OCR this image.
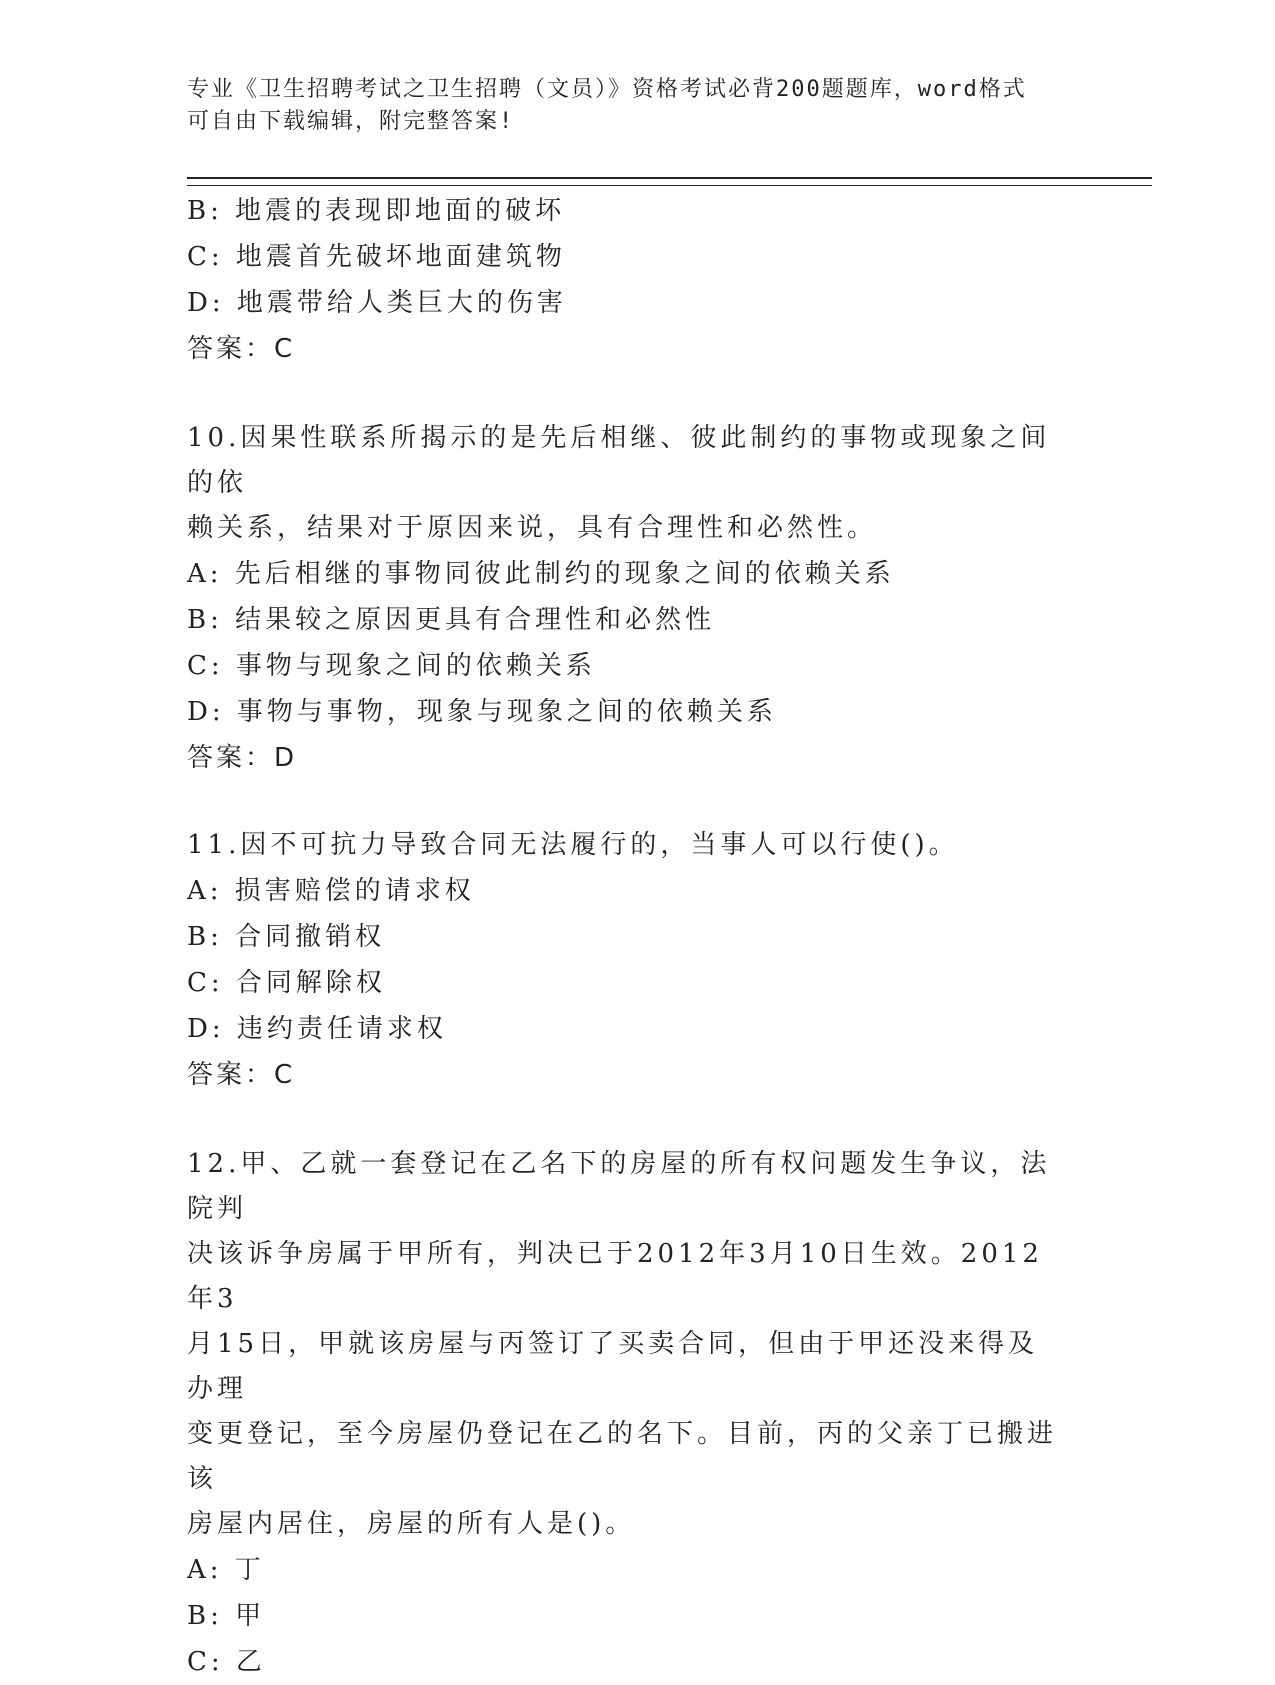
专业《卫生招聘考试之卫生招聘（文员）》资格考试必背200题题库，word格式
可自由下载编辑，附完整答案!
B: 地震的表现即地面的破坏
C: 地震首先破坏地面建筑物
D: 地震带给人类巨大的伤害
答案：C
10.因果性联系所揭示的是先后相继、彼此制约的事物或现象之间的依
赖关系，结果对于原因来说，具有合理性和必然性。
A: 先后相继的事物同彼此制约的现象之间的依赖关系
B: 结果较之原因更具有合理性和必然性
C: 事物与现象之间的依赖关系
D: 事物与事物，现象与现象之间的依赖关系
答案：D
11.因不可抗力导致合同无法履行的，当事人可以行使()。
A: 损害赔偿的请求权
B: 合同撤销权
C: 合同解除权
D: 违约责任请求权
答案：C
12.甲、乙就一套登记在乙名下的房屋的所有权问题发生争议，法院判
决该诉争房属于甲所有，判决已于2012年3月10日生效。2012年3
月15日，甲就该房屋与丙签订了买卖合同，但由于甲还没来得及办理
变更登记，至今房屋仍登记在乙的名下。目前，丙的父亲丁已搬进该
房屋内居住，房屋的所有人是()。
A: 丁
B: 甲
C: 乙
